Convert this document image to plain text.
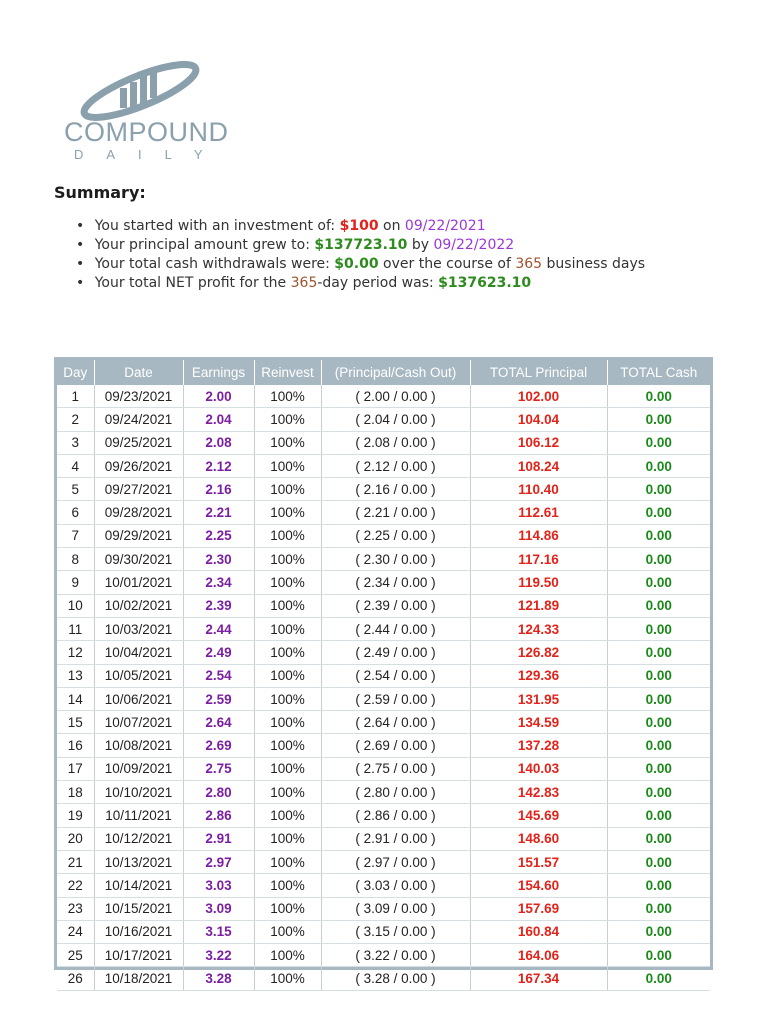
COMPOUND
DAILY
Summary:
• You started with an investment of: $100 on 09/22/2021
• Your principal amount grew to: $137723.10 by 09/22/2022
• Your total cash withdrawals were: $0.00 over the course of 365 business days
• Your total NET profit for the 365-day period was: $137623.10
Day	Date	Earnings	Reinvest	(Principal/Cash Out)	TOTAL Principal	TOTAL Cash
1	09/23/2021	2.00	100%	( 2.00 / 0.00 )	102.00	0.00
2	09/24/2021	2.04	100%	( 2.04 / 0.00 )	104.04	0.00
3	09/25/2021	2.08	100%	( 2.08 / 0.00 )	106.12	0.00
4	09/26/2021	2.12	100%	( 2.12 / 0.00 )	108.24	0.00
5	09/27/2021	2.16	100%	( 2.16 / 0.00 )	110.40	0.00
6	09/28/2021	2.21	100%	( 2.21 / 0.00 )	112.61	0.00
7	09/29/2021	2.25	100%	( 2.25 / 0.00 )	114.86	0.00
8	09/30/2021	2.30	100%	( 2.30 / 0.00 )	117.16	0.00
9	10/01/2021	2.34	100%	( 2.34 / 0.00 )	119.50	0.00
10	10/02/2021	2.39	100%	( 2.39 / 0.00 )	121.89	0.00
11	10/03/2021	2.44	100%	( 2.44 / 0.00 )	124.33	0.00
12	10/04/2021	2.49	100%	( 2.49 / 0.00 )	126.82	0.00
13	10/05/2021	2.54	100%	( 2.54 / 0.00 )	129.36	0.00
14	10/06/2021	2.59	100%	( 2.59 / 0.00 )	131.95	0.00
15	10/07/2021	2.64	100%	( 2.64 / 0.00 )	134.59	0.00
16	10/08/2021	2.69	100%	( 2.69 / 0.00 )	137.28	0.00
17	10/09/2021	2.75	100%	( 2.75 / 0.00 )	140.03	0.00
18	10/10/2021	2.80	100%	( 2.80 / 0.00 )	142.83	0.00
19	10/11/2021	2.86	100%	( 2.86 / 0.00 )	145.69	0.00
20	10/12/2021	2.91	100%	( 2.91 / 0.00 )	148.60	0.00
21	10/13/2021	2.97	100%	( 2.97 / 0.00 )	151.57	0.00
22	10/14/2021	3.03	100%	( 3.03 / 0.00 )	154.60	0.00
23	10/15/2021	3.09	100%	( 3.09 / 0.00 )	157.69	0.00
24	10/16/2021	3.15	100%	( 3.15 / 0.00 )	160.84	0.00
25	10/17/2021	3.22	100%	( 3.22 / 0.00 )	164.06	0.00
26	10/18/2021	3.28	100%	( 3.28 / 0.00 )	167.34	0.00
